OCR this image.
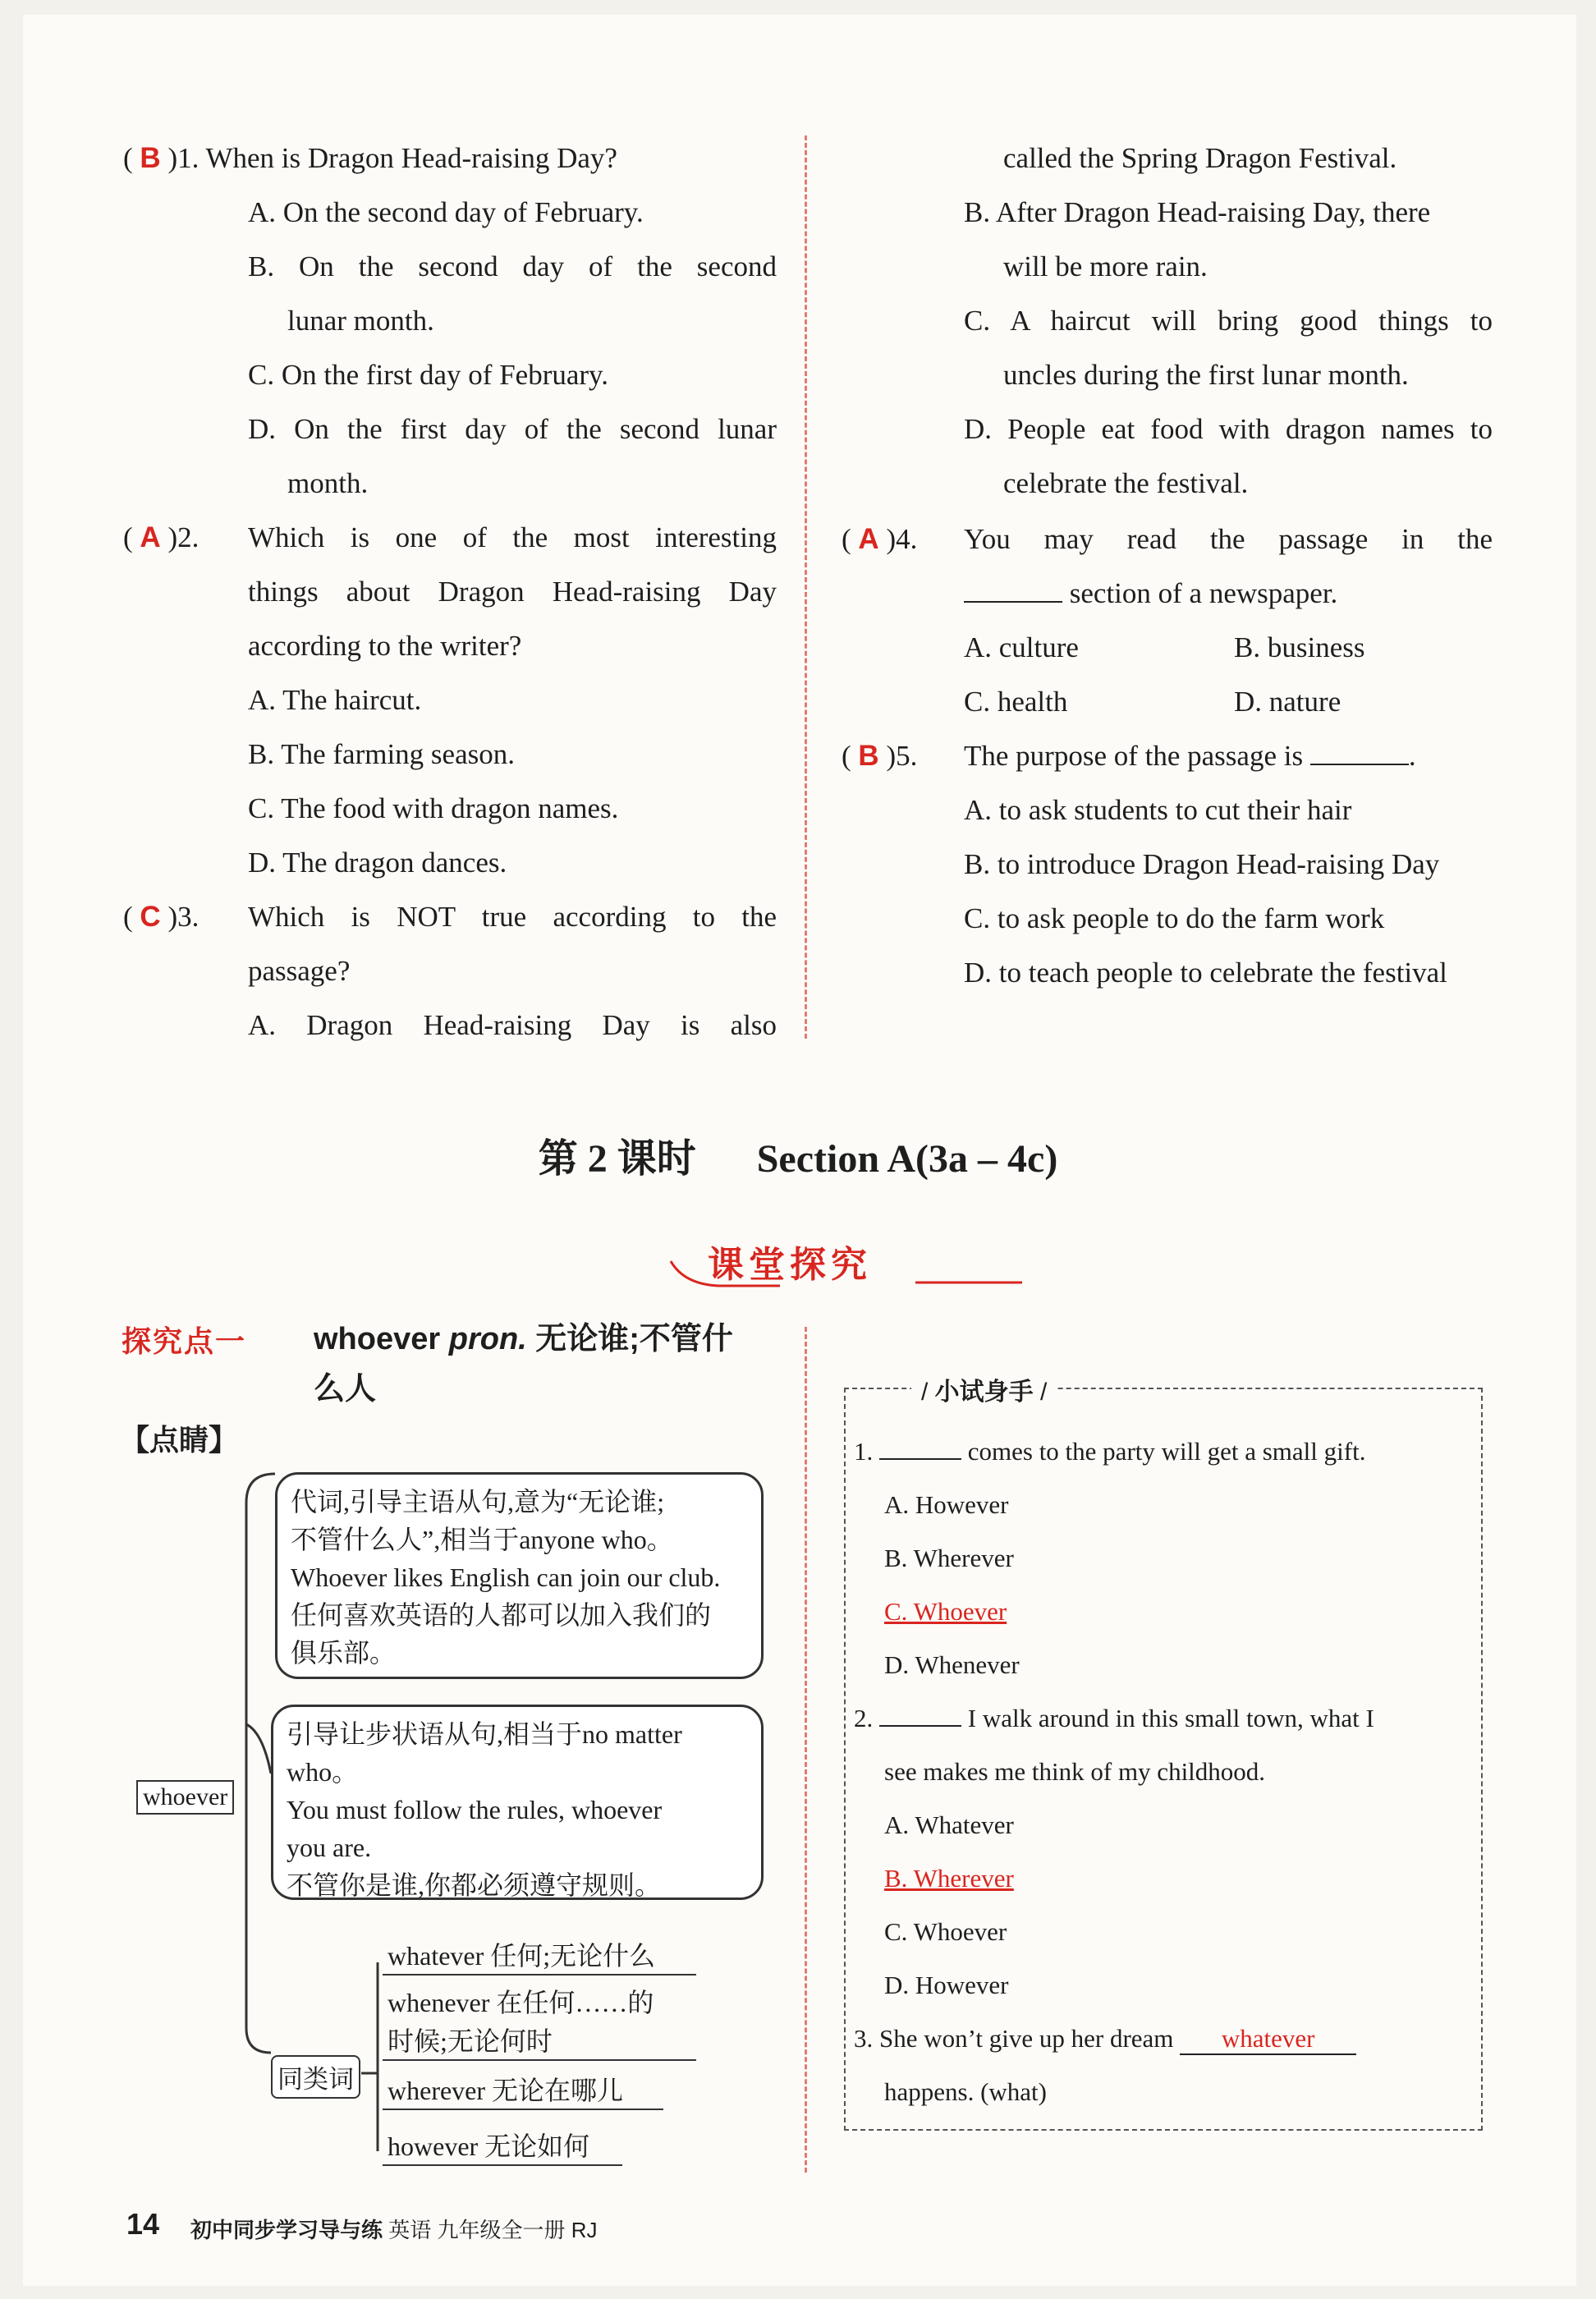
( B )1. When is Dragon Head-raising Day?
A. On the second day of February.
B. On the second day of the second
lunar month.
C. On the first day of February.
D. On the first day of the second lunar
month.
( A )2. Which is one of the most interesting
things about Dragon Head-raising Day
according to the writer?
A. The haircut.
B. The farming season.
C. The food with dragon names.
D. The dragon dances.
( C )3. Which is NOT true according to the
passage?
A. Dragon Head-raising Day is also
called the Spring Dragon Festival.
B. After Dragon Head-raising Day, there
will be more rain.
C. A haircut will bring good things to
uncles during the first lunar month.
D. People eat food with dragon names to
celebrate the festival.
( A )4. You may read the passage in the
section of a newspaper.
A. culture	B. business
C. health	D. nature
( B )5. The purpose of the passage is	.
A. to ask students to cut their hair
B. to introduce Dragon Head-raising Day
C. to ask people to do the farm work
D. to teach people to celebrate the festival
第 2 课时 Section A(3a – 4c)
课堂探究
探究点一 whoever pron. 无论谁;不管什
么人
【点睛】
代词,引导主语从句,意为“无论谁;
不管什么人”,相当于anyone who。
Whoever likes English can join our club.
任何喜欢英语的人都可以加入我们的
俱乐部。
whoever
引导让步状语从句,相当于no matter
who。
You must follow the rules, whoever
you are.
不管你是谁,你都必须遵守规则。
同类词
whatever 任何;无论什么
whenever 在任何……的
时候;无论何时
wherever 无论在哪儿
however 无论如何
/ 小试身手 /
1.	comes to the party will get a small gift.
A. However
B. Wherever
C. Whoever
D. Whenever
2.	I walk around in this small town, what I
see makes me think of my childhood.
A. Whatever
B. Wherever
C. Whoever
D. However
3. She won’t give up her dream whatever
happens. (what)
14 初中同步学习导与练 英语 九年级全一册 RJ
